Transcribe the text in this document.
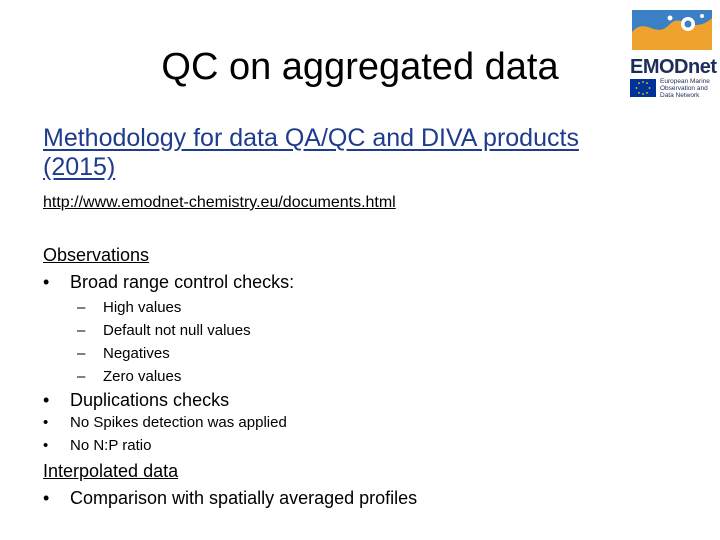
QC on aggregated data	EMODnet
European Marine Observation and Data Network
Methodology for data QA/QC and DIVA products (2015)
http://www.emodnet-chemistry.eu/documents.html
Observations
•	Broad range control checks:
–	High values
–	Default not null values
–	Negatives
–	Zero values
•	Duplications checks
•	No Spikes detection was applied
•	No N:P ratio
Interpolated data
•	Comparison with spatially averaged profiles
